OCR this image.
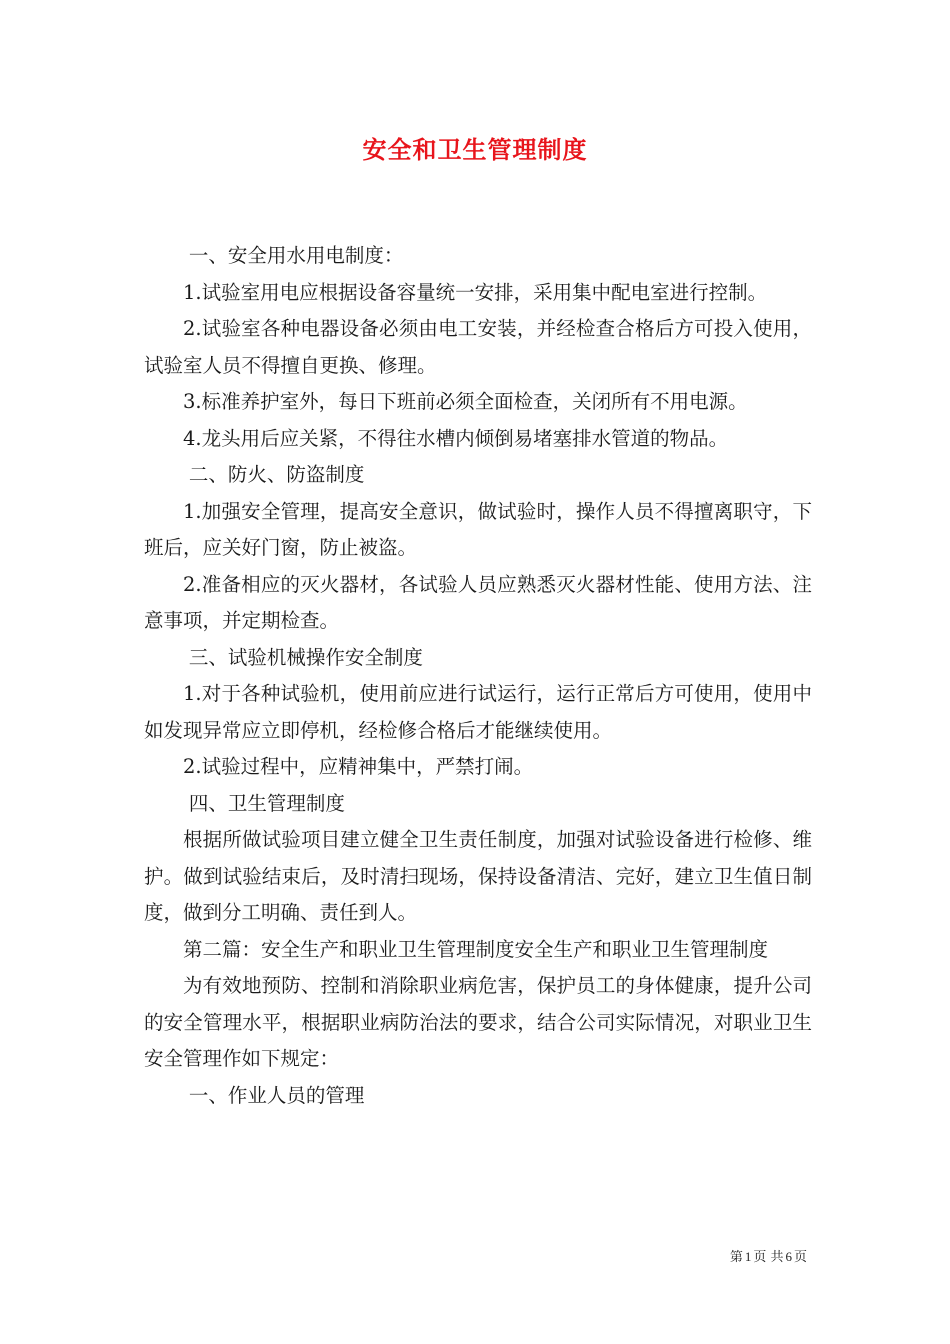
安全和卫生管理制度

一、安全用水用电制度：

1.试验室用电应根据设备容量统一安排，采用集中配电室进行控制。

2.试验室各种电器设备必须由电工安装，并经检查合格后方可投入使用，试验室人员不得擅自更换、修理。

3.标准养护室外，每日下班前必须全面检查，关闭所有不用电源。

4.龙头用后应关紧，不得往水槽内倾倒易堵塞排水管道的物品。

二、防火、防盗制度

1.加强安全管理，提高安全意识，做试验时，操作人员不得擅离职守，下班后，应关好门窗，防止被盗。

2.准备相应的灭火器材，各试验人员应熟悉灭火器材性能、使用方法、注意事项，并定期检查。

三、试验机械操作安全制度

1.对于各种试验机，使用前应进行试运行，运行正常后方可使用，使用中如发现异常应立即停机，经检修合格后才能继续使用。

2.试验过程中，应精神集中，严禁打闹。

四、卫生管理制度

根据所做试验项目建立健全卫生责任制度，加强对试验设备进行检修、维护。做到试验结束后，及时清扫现场，保持设备清洁、完好，建立卫生值日制度，做到分工明确、责任到人。

第二篇：安全生产和职业卫生管理制度安全生产和职业卫生管理制度

为有效地预防、控制和消除职业病危害，保护员工的身体健康，提升公司的安全管理水平，根据职业病防治法的要求，结合公司实际情况，对职业卫生安全管理作如下规定：

一、作业人员的管理

第 1 页 共 6 页
